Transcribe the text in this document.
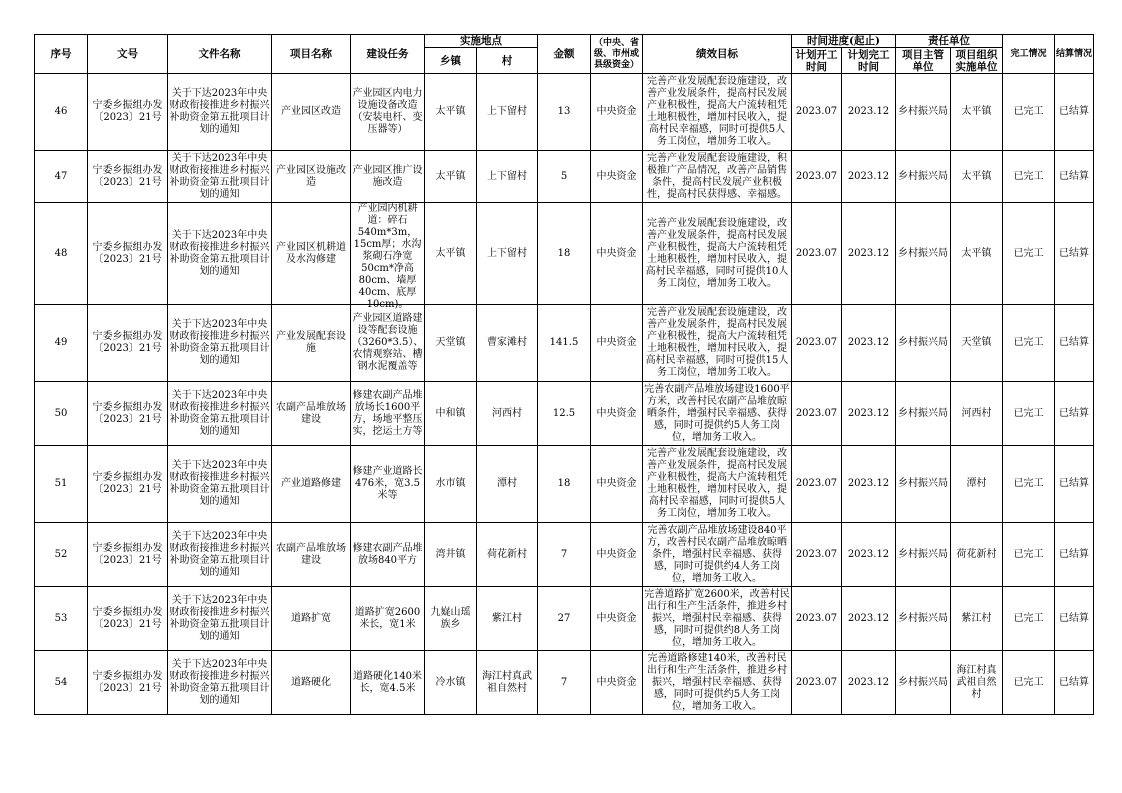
序号	文号	文件名称	项目名称	建设任务	实施地点		金额	（中央、省级、市州或县级资金）	绩效目标	时间进度(起止)		责任单位		完工情况	结算情况
					乡镇	村				计划开工时间	计划完工时间	项目主管单位	项目组织实施单位		
46	宁委乡振组办发〔2023〕21号	关于下达2023年中央财政衔接推进乡村振兴补助资金第五批项目计划的通知	产业园区改造	产业园区内电力设施设备改造（安装电杆、变压器等）	太平镇	上下留村	13	中央资金	完善产业发展配套设施建设，改善产业发展条件，提高村民发展产业积极性，提高大户流转租凭土地积极性，增加村民收入，提高村民幸福感，同时可提供5人务工岗位，增加务工收入。	2023.07	2023.12	乡村振兴局	太平镇	已完工	已结算
47	宁委乡振组办发〔2023〕21号	关于下达2023年中央财政衔接推进乡村振兴补助资金第五批项目计划的通知	产业园区设施改造	产业园区推广设施改造	太平镇	上下留村	5	中央资金	完善产业发展配套设施建设，积极推广产品情况，改善产品销售条件，提高村民发展产业积极性，提高村民获得感、幸福感。	2023.07	2023.12	乡村振兴局	太平镇	已完工	已结算
48	宁委乡振组办发〔2023〕21号	关于下达2023年中央财政衔接推进乡村振兴补助资金第五批项目计划的通知	产业园区机耕道及水沟修建	产业园内机耕道：碎石540m*3m，15cm厚；水沟浆砌石净宽50cm*净高80cm、墙厚40cm、底厚10cm)。	太平镇	上下留村	18	中央资金	完善产业发展配套设施建设，改善产业发展条件，提高村民发展产业积极性，提高大户流转租凭土地积极性，增加村民收入，提高村民幸福感，同时可提供10人务工岗位，增加务工收入。	2023.07	2023.12	乡村振兴局	太平镇	已完工	已结算
49	宁委乡振组办发〔2023〕21号	关于下达2023年中央财政衔接推进乡村振兴补助资金第五批项目计划的通知	产业发展配套设施	产业园区道路建设等配套设施（3260*3.5）、农情观察站、槽钢水泥覆盖等	天堂镇	曹家滩村	141.5	中央资金	完善产业发展配套设施建设，改善产业发展条件，提高村民发展产业积极性，提高大户流转租凭土地积极性，增加村民收入，提高村民幸福感，同时可提供15人务工岗位，增加务工收入。	2023.07	2023.12	乡村振兴局	天堂镇	已完工	已结算
50	宁委乡振组办发〔2023〕21号	关于下达2023年中央财政衔接推进乡村振兴补助资金第五批项目计划的通知	农副产品堆放场建设	修建农副产品堆放场长1600平方，场地平整压实，挖运土方等	中和镇	河西村	12.5	中央资金	完善农副产品堆放场建设1600平方米，改善村民农副产品堆放晾晒条件，增强村民幸福感、获得感，同时可提供约5人务工岗位，增加务工收入。	2023.07	2023.12	乡村振兴局	河西村	已完工	已结算
51	宁委乡振组办发〔2023〕21号	关于下达2023年中央财政衔接推进乡村振兴补助资金第五批项目计划的通知	产业道路修建	修建产业道路长476米，宽3.5米等	水市镇	潭村	18	中央资金	完善产业发展配套设施建设，改善产业发展条件，提高村民发展产业积极性，提高大户流转租凭土地积极性，增加村民收入，提高村民幸福感，同时可提供5人务工岗位，增加务工收入。	2023.07	2023.12	乡村振兴局	潭村	已完工	已结算
52	宁委乡振组办发〔2023〕21号	关于下达2023年中央财政衔接推进乡村振兴补助资金第五批项目计划的通知	农副产品堆放场建设	修建农副产品堆放场840平方	湾井镇	荷花新村	7	中央资金	完善农副产品堆放场建设840平方，改善村民农副产品堆放晾晒条件，增强村民幸福感、获得感，同时可提供约4人务工岗位，增加务工收入。	2023.07	2023.12	乡村振兴局	荷花新村	已完工	已结算
53	宁委乡振组办发〔2023〕21号	关于下达2023年中央财政衔接推进乡村振兴补助资金第五批项目计划的通知	道路扩宽	道路扩宽2600米长，宽1米	九嶷山瑶族乡	紫江村	27	中央资金	完善道路扩宽2600米，改善村民出行和生产生活条件，推进乡村振兴，增强村民幸福感、获得感，同时可提供约8人务工岗位，增加务工收入。	2023.07	2023.12	乡村振兴局	紫江村	已完工	已结算
54	宁委乡振组办发〔2023〕21号	关于下达2023年中央财政衔接推进乡村振兴补助资金第五批项目计划的通知	道路硬化	道路硬化140米长，宽4.5米	冷水镇	海江村真武祖自然村	7	中央资金	完善道路修建140米，改善村民出行和生产生活条件，推进乡村振兴，增强村民幸福感、获得感，同时可提供约5人务工岗位，增加务工收入。	2023.07	2023.12	乡村振兴局	海江村真武祖自然村	已完工	已结算
